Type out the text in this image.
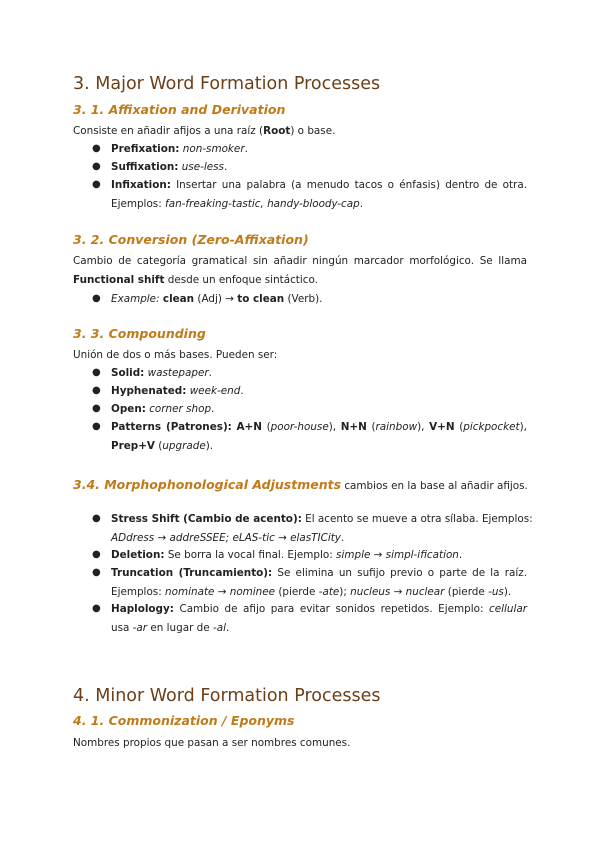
3. Major Word Formation Processes
3. 1. Affixation and Derivation
Consiste en añadir afijos a una raíz (Root) o base.
● Prefixation: non-smoker.
● Suffixation: use-less.
● Infixation: Insertar una palabra (a menudo tacos o énfasis) dentro de otra.
Ejemplos: fan-freaking-tastic, handy-bloody-cap.
3. 2. Conversion (Zero-Affixation)
Cambio de categoría gramatical sin añadir ningún marcador morfológico. Se llama
Functional shift desde un enfoque sintáctico.
● Example: clean (Adj) → to clean (Verb).
3. 3. Compounding
Unión de dos o más bases. Pueden ser:
● Solid: wastepaper.
● Hyphenated: week-end.
● Open: corner shop.
● Patterns (Patrones): A+N (poor-house), N+N (rainbow), V+N (pickpocket),
Prep+V (upgrade).
3.4. Morphophonological Adjustments cambios en la base al añadir afijos.
● Stress Shift (Cambio de acento): El acento se mueve a otra sílaba. Ejemplos:
ADdress → addreSSEE; eLAS-tic → elasTICity.
● Deletion: Se borra la vocal final. Ejemplo: simple → simpl-ification.
● Truncation (Truncamiento): Se elimina un sufijo previo o parte de la raíz.
Ejemplos: nominate → nominee (pierde -ate); nucleus → nuclear (pierde -us).
● Haplology: Cambio de afijo para evitar sonidos repetidos. Ejemplo: cellular
usa -ar en lugar de -al.
4. Minor Word Formation Processes
4. 1. Commonization / Eponyms
Nombres propios que pasan a ser nombres comunes.
